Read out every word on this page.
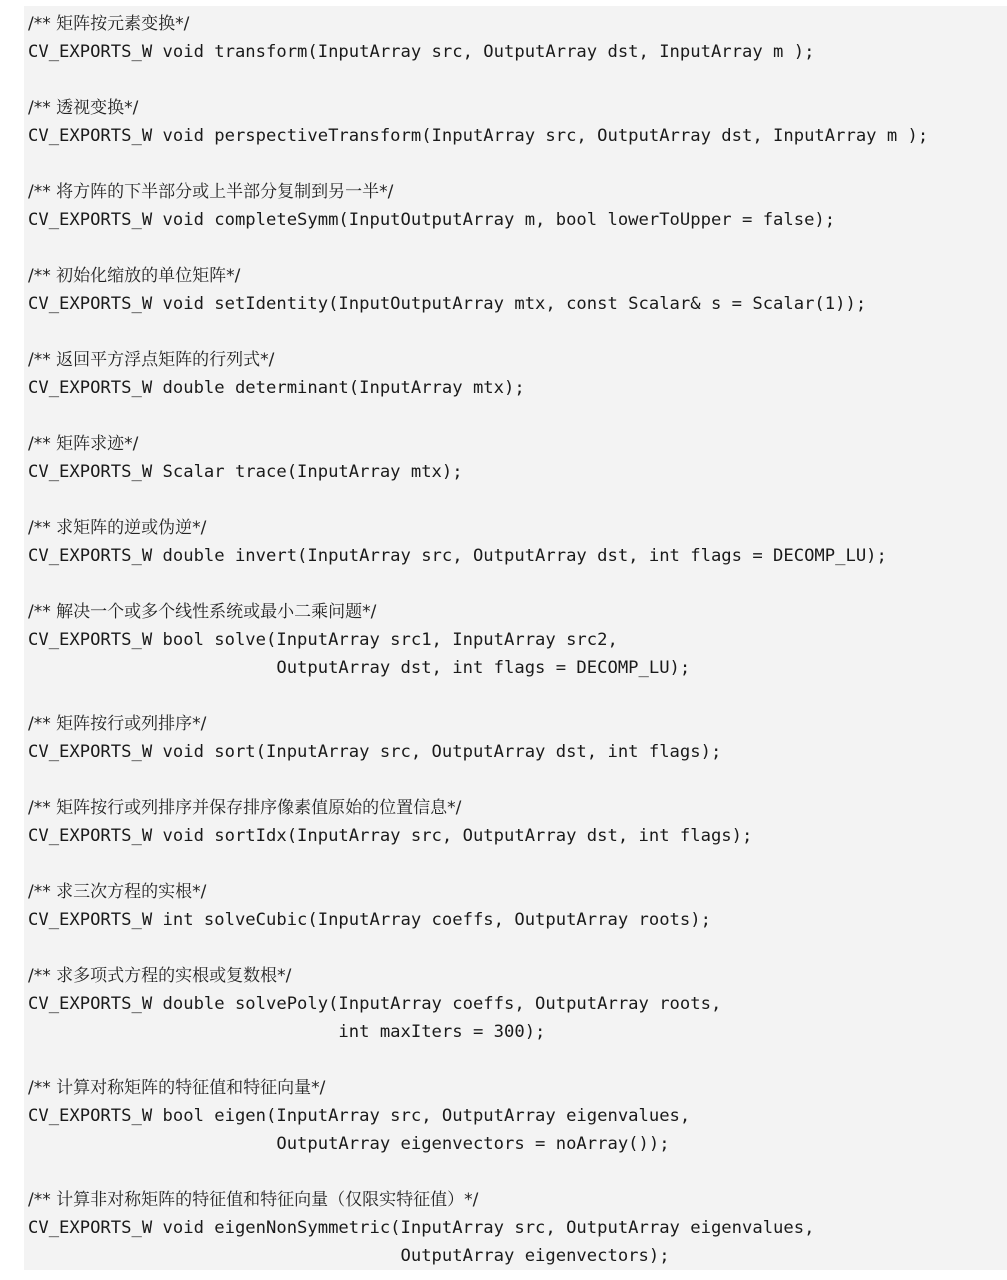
/** 矩阵按元素变换*/
CV_EXPORTS_W void transform(InputArray src, OutputArray dst, InputArray m );
/** 透视变换*/
CV_EXPORTS_W void perspectiveTransform(InputArray src, OutputArray dst, InputArray m );
/** 将方阵的下半部分或上半部分复制到另一半*/
CV_EXPORTS_W void completeSymm(InputOutputArray m, bool lowerToUpper = false);
/** 初始化缩放的单位矩阵*/
CV_EXPORTS_W void setIdentity(InputOutputArray mtx, const Scalar& s = Scalar(1));
/** 返回平方浮点矩阵的行列式*/
CV_EXPORTS_W double determinant(InputArray mtx);
/** 矩阵求迹*/
CV_EXPORTS_W Scalar trace(InputArray mtx);
/** 求矩阵的逆或伪逆*/
CV_EXPORTS_W double invert(InputArray src, OutputArray dst, int flags = DECOMP_LU);
/** 解决一个或多个线性系统或最小二乘问题*/
CV_EXPORTS_W bool solve(InputArray src1, InputArray src2,
OutputArray dst, int flags = DECOMP_LU);
/** 矩阵按行或列排序*/
CV_EXPORTS_W void sort(InputArray src, OutputArray dst, int flags);
/** 矩阵按行或列排序并保存排序像素值原始的位置信息*/
CV_EXPORTS_W void sortIdx(InputArray src, OutputArray dst, int flags);
/** 求三次方程的实根*/
CV_EXPORTS_W int solveCubic(InputArray coeffs, OutputArray roots);
/** 求多项式方程的实根或复数根*/
CV_EXPORTS_W double solvePoly(InputArray coeffs, OutputArray roots,
int maxIters = 300);
/** 计算对称矩阵的特征值和特征向量*/
CV_EXPORTS_W bool eigen(InputArray src, OutputArray eigenvalues,
OutputArray eigenvectors = noArray());
/** 计算非对称矩阵的特征值和特征向量（仅限实特征值）*/
CV_EXPORTS_W void eigenNonSymmetric(InputArray src, OutputArray eigenvalues,
OutputArray eigenvectors);
